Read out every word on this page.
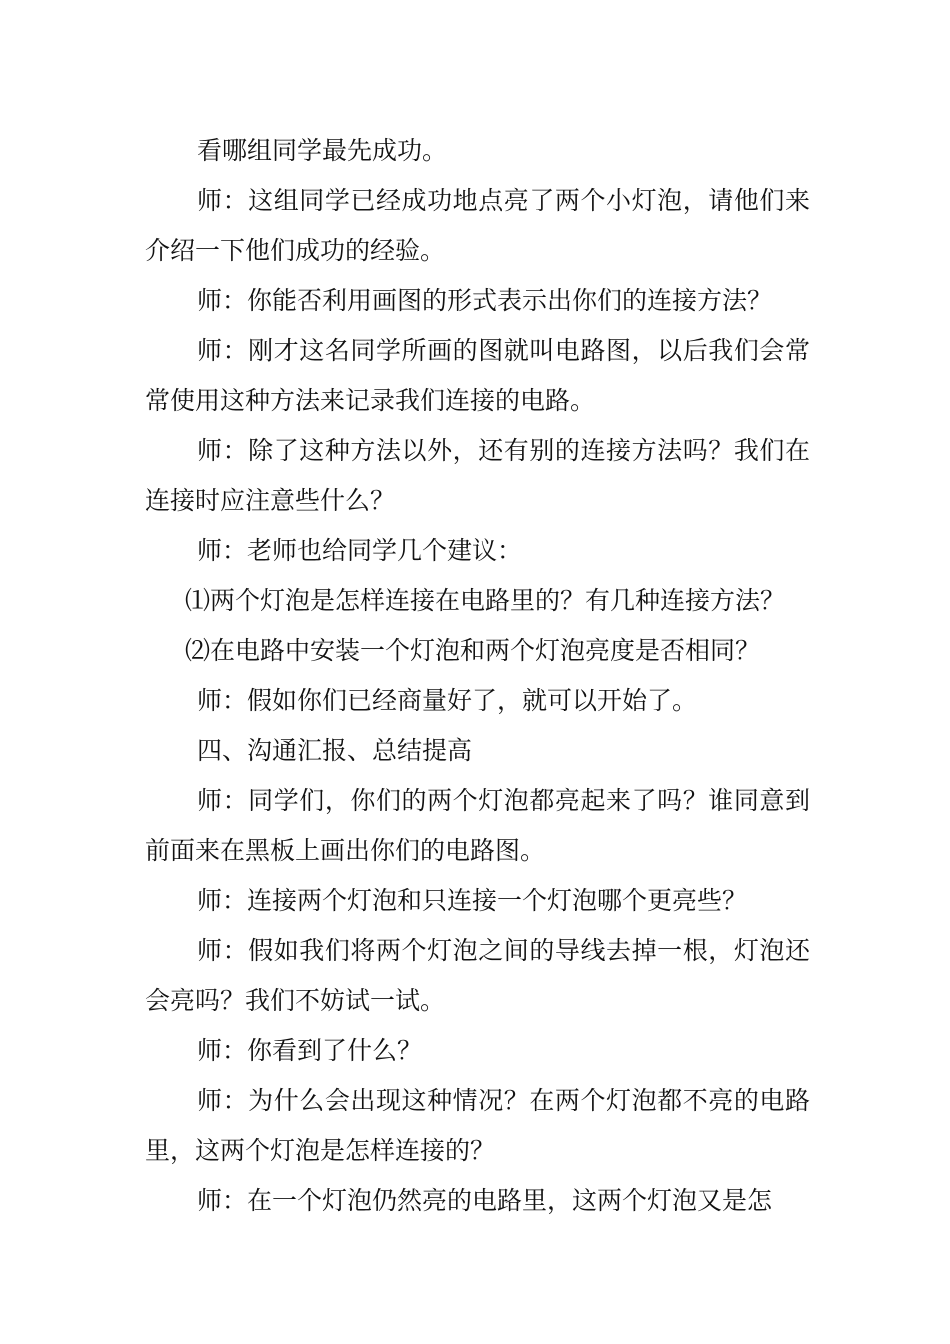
看哪组同学最先成功。

师：这组同学已经成功地点亮了两个小灯泡，请他们来介绍一下他们成功的经验。

师：你能否利用画图的形式表示出你们的连接方法？

师：刚才这名同学所画的图就叫电路图，以后我们会常常使用这种方法来记录我们连接的电路。

师：除了这种方法以外，还有别的连接方法吗？我们在连接时应注意些什么？

师：老师也给同学几个建议：

⑴两个灯泡是怎样连接在电路里的？有几种连接方法？

⑵在电路中安装一个灯泡和两个灯泡亮度是否相同？

师：假如你们已经商量好了，就可以开始了。

四、沟通汇报、总结提高

师：同学们，你们的两个灯泡都亮起来了吗？谁同意到前面来在黑板上画出你们的电路图。

师：连接两个灯泡和只连接一个灯泡哪个更亮些？

师：假如我们将两个灯泡之间的导线去掉一根，灯泡还会亮吗？我们不妨试一试。

师：你看到了什么？

师：为什么会出现这种情况？在两个灯泡都不亮的电路里，这两个灯泡是怎样连接的？

师：在一个灯泡仍然亮的电路里，这两个灯泡又是怎
